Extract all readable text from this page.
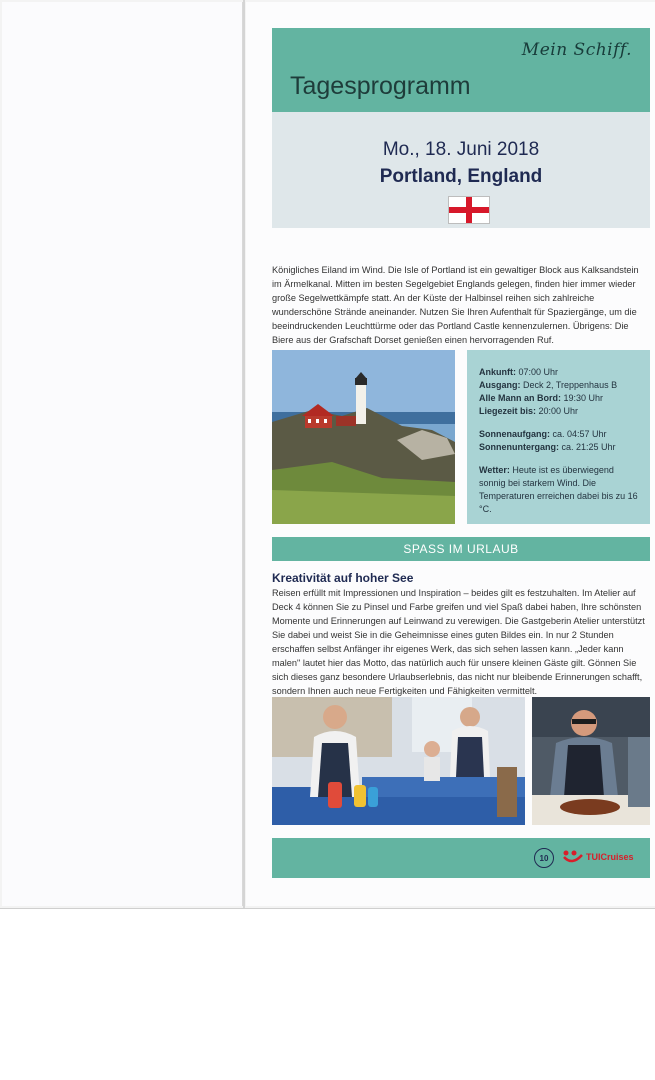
Mein Schiff.
Tagesprogramm
Mo., 18. Juni 2018
Portland, England
Königliches Eiland im Wind. Die Isle of Portland ist ein gewaltiger Block aus Kalksandstein im Ärmelkanal. Mitten im besten Segelgebiet Englands gelegen, finden hier immer wieder große Segelwettkämpfe statt. An der Küste der Halbinsel reihen sich zahlreiche wunderschöne Strände aneinander. Nutzen Sie Ihren Aufenthalt für Spaziergänge, um die beeindruckenden Leuchttürme oder das Portland Castle kennenzulernen. Übrigens: Die Biere aus der Grafschaft Dorset genießen einen hervorragenden Ruf.

Ankunft: 07:00 Uhr

Ausgang: Deck 2, Treppenhaus B

Alle Mann an Bord: 19:30 Uhr

Liegezeit bis: 20:00 Uhr

Sonnenaufgang: ca. 04:57 Uhr

Sonnenuntergang: ca. 21:25 Uhr

Wetter: Heute ist es überwiegend sonnig bei starkem Wind. Die Temperaturen erreichen dabei bis zu 16 °C.

SPASS IM URLAUB
Kreativität auf hoher See
Reisen erfüllt mit Impressionen und Inspiration – beides gilt es festzuhalten. Im Atelier auf Deck 4 können Sie zu Pinsel und Farbe greifen und viel Spaß dabei haben, Ihre schönsten Momente und Erinnerungen auf Leinwand zu verewigen. Die Gastgeberin Atelier unterstützt Sie dabei und weist Sie in die Geheimnisse eines guten Bildes ein. In nur 2 Stunden erschaffen selbst Anfänger ihr eigenes Werk, das sich sehen lassen kann. „Jeder kann malen" lautet hier das Motto, das natürlich auch für unsere kleinen Gäste gilt. Gönnen Sie sich dieses ganz besondere Urlaubserlebnis, das nicht nur bleibende Erinnerungen schafft, sondern Ihnen auch neue Fertigkeiten und Fähigkeiten vermittelt.
10	TUICruises
